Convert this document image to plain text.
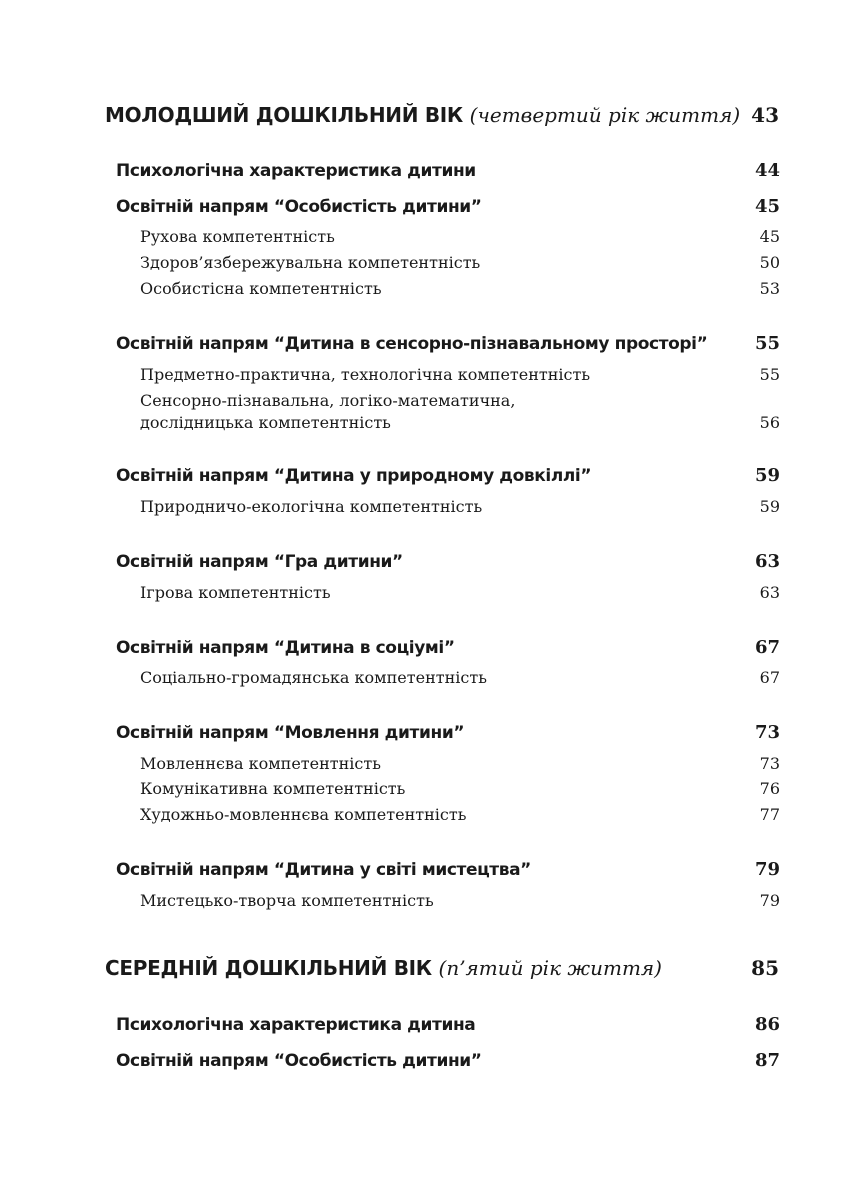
МОЛОДШИЙ ДОШКІЛЬНИЙ ВІК (четвертий рік життя) 43
Психологічна характеристика дитини	44
Освітній напрям “Особистість дитини”	45
Рухова компетентність	45
Здоров’язбережувальна компетентність	50
Особистісна компетентність	53
Освітній напрям “Дитина в сенсорно-пізнавальному просторі”	55
Предметно-практична, технологічна компетентність	55
Сенсорно-пізнавальна, логіко-математична,
дослідницька компетентність	56
Освітній напрям “Дитина у природному довкіллі”	59
Природничо-екологічна компетентність	59
Освітній напрям “Гра дитини”	63
Ігрова компетентність	63
Освітній напрям “Дитина в соціумі”	67
Соціально-громадянська компетентність	67
Освітній напрям “Мовлення дитини”	73
Мовленнєва компетентність	73
Комунікативна компетентність	76
Художньо-мовленнєва компетентність	77
Освітній напрям “Дитина у світі мистецтва”	79
Мистецько-творча компетентність	79
СЕРЕДНІЙ ДОШКІЛЬНИЙ ВІК (п’ятий рік життя)	85
Психологічна характеристика дитина	86
Освітній напрям “Особистість дитини”	87
